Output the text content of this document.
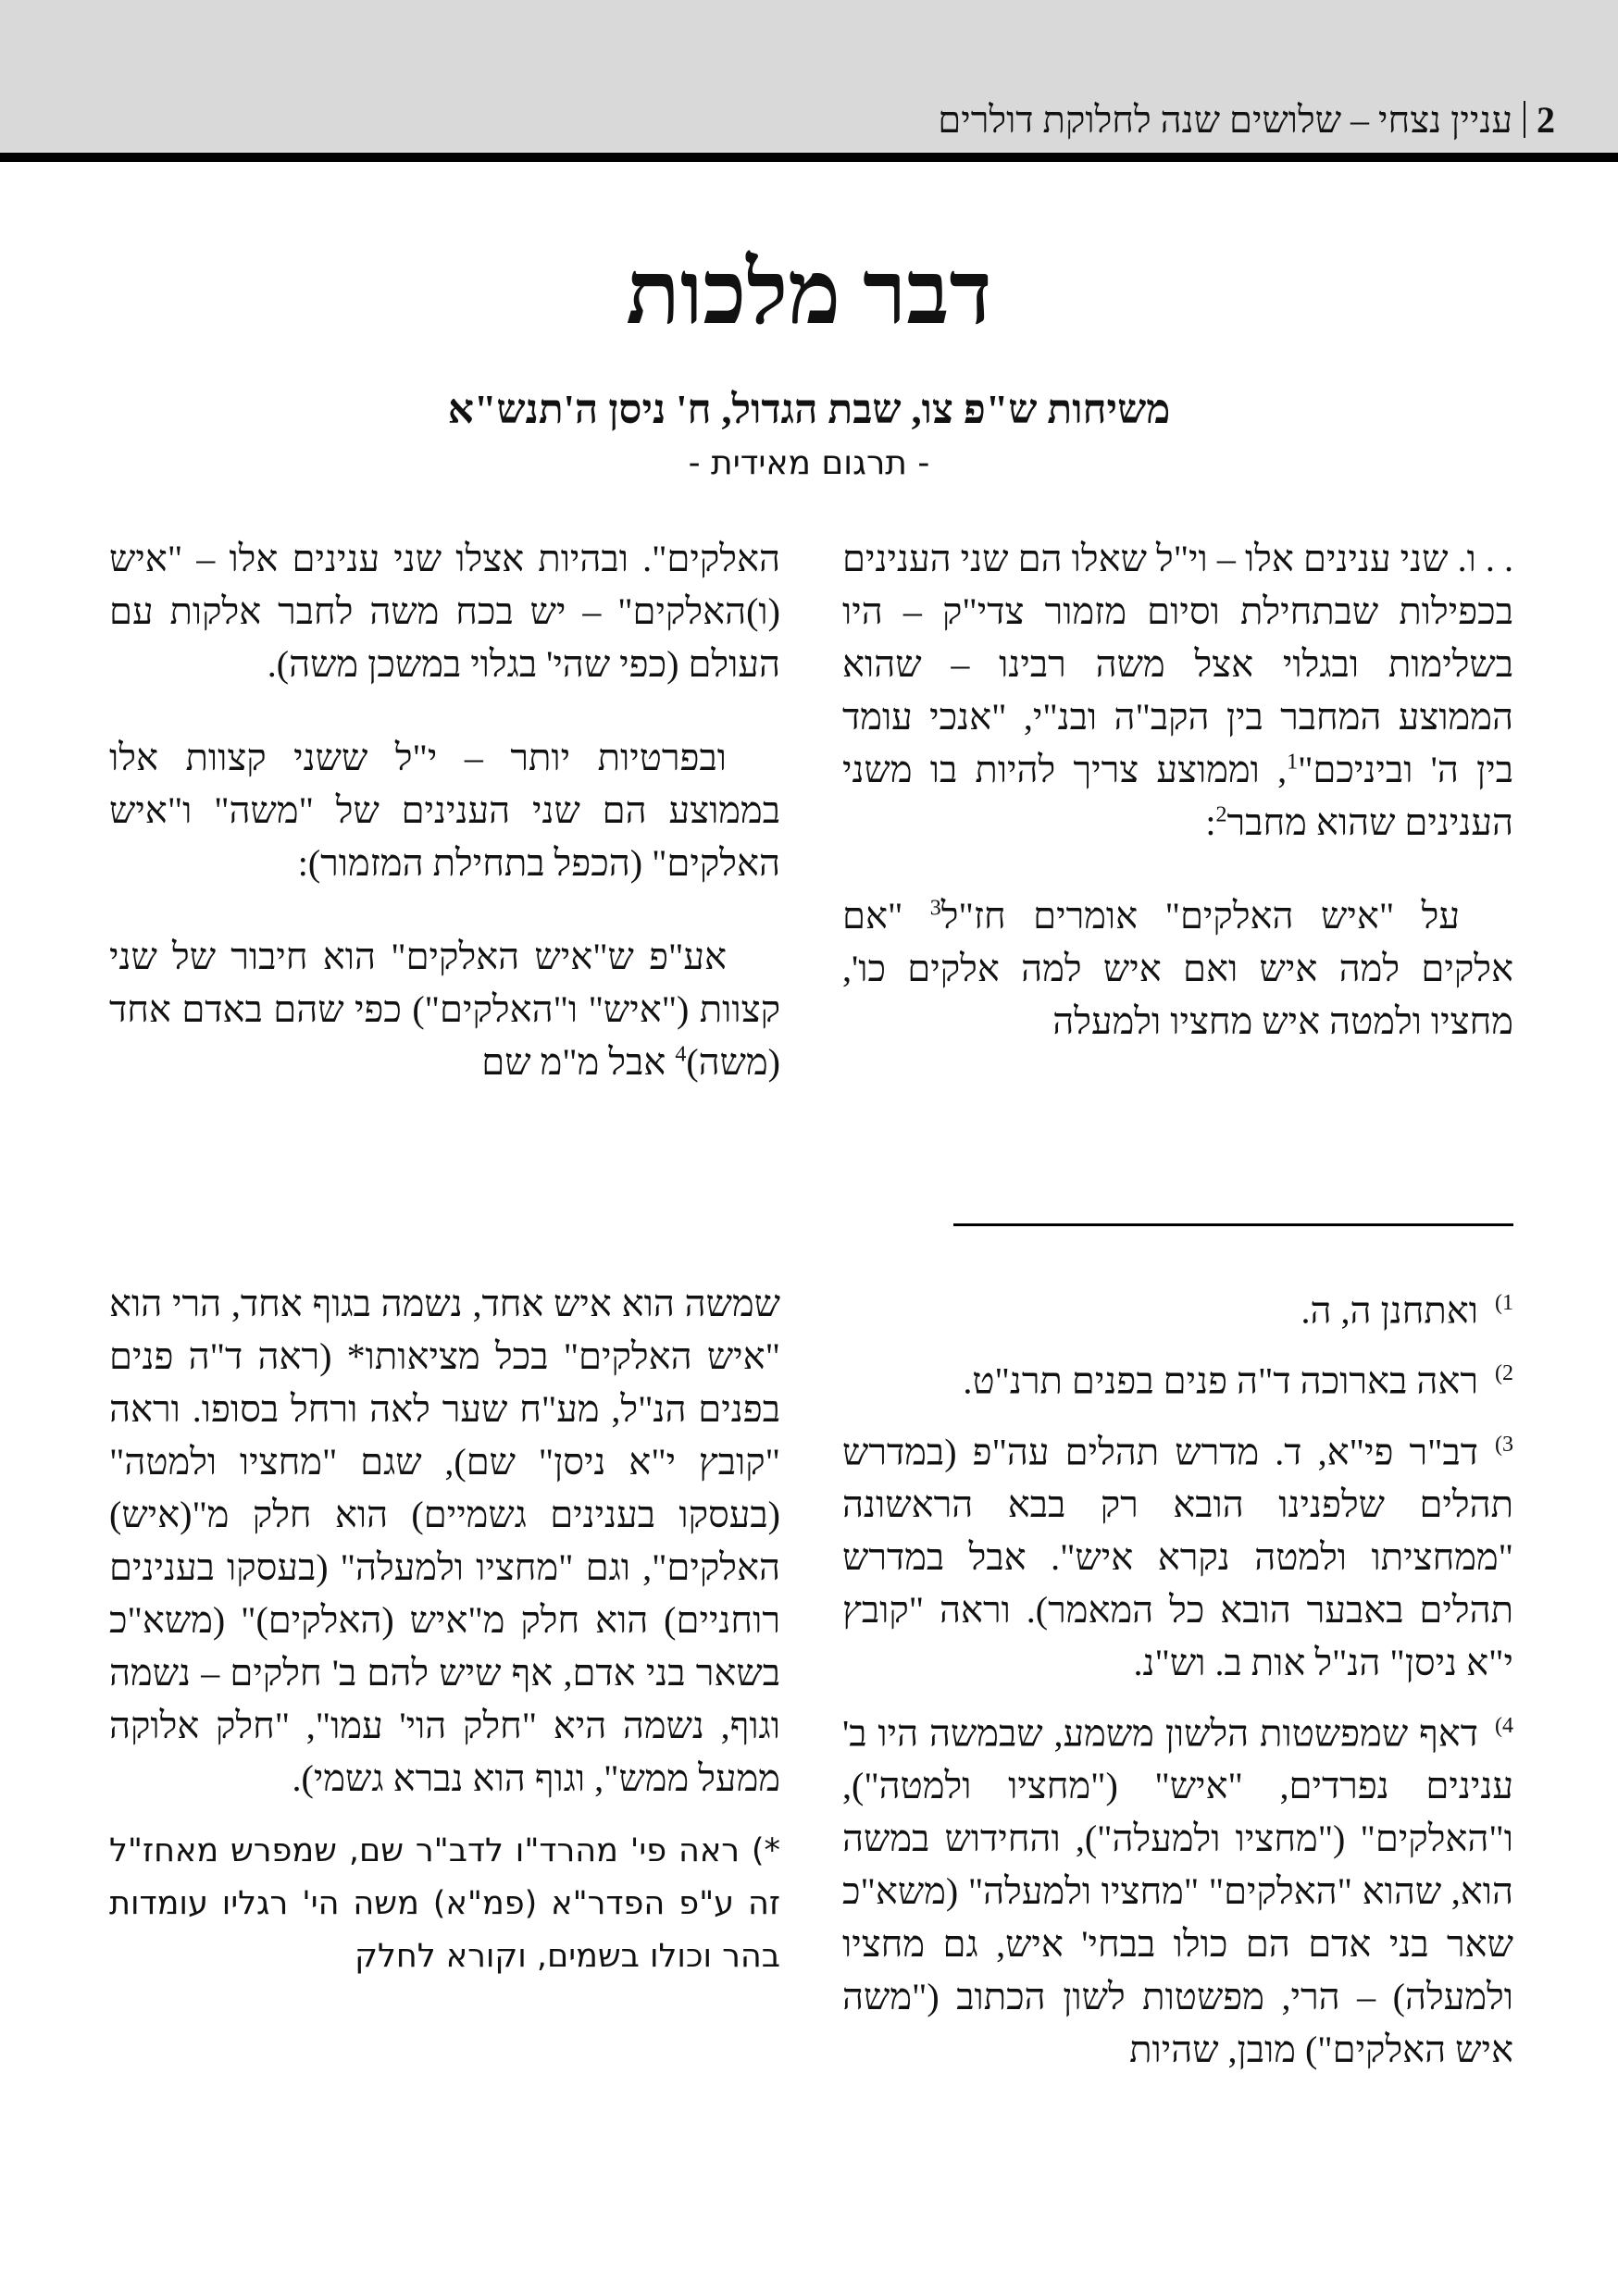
2עניין נצחי – שלושים שנה לחלוקת דולרים
דבר מלכות
משיחות ש"פ צו, שבת הגדול, ח' ניסן ה'תנש"א
- תרגום מאידית -

. . ו. שני ענינים אלו – וי"ל שאלו הם שני הענינים בכפילות שבתחילת וסיום מזמור צדי"ק – היו בשלימות ובגלוי אצל משה רבינו – שהוא הממוצע המחבר בין הקב"ה ובנ"י, "אנכי עומד בין ה' וביניכם"$^1$, וממוצע צריך להיות בו משני הענינים שהוא מחבר$^2$:

על "איש האלקים" אומרים חז"ל$^3$ "אם אלקים למה איש ואם איש למה אלקים כו', מחציו ולמטה איש מחציו ולמעלה

האלקים". ובהיות אצלו שני ענינים אלו – "איש (ו)האלקים" – יש בכח משה לחבר אלקות עם העולם (כפי שהי' בגלוי במשכן משה).

ובפרטיות יותר – י"ל ששני קצוות אלו בממוצע הם שני הענינים של "משה" ו"איש האלקים" (הכפל בתחילת המזמור):

אע"פ ש"איש האלקים" הוא חיבור של שני קצוות ("איש" ו"האלקים") כפי שהם באדם אחד (משה)$^4$ אבל מ"מ שם

$^{1)}$ואתחנן ה, ה.

$^{2)}$ראה בארוכה ד"ה פנים בפנים תרנ"ט.

$^{3)}$דב"ר פי"א, ד. מדרש תהלים עה"פ (במדרש תהלים שלפנינו הובא רק בבא הראשונה "ממחציתו ולמטה נקרא איש". אבל במדרש תהלים באבער הובא כל המאמר). וראה "קובץ י"א ניסן" הנ"ל אות ב. וש"נ.

$^{4)}$דאף שמפשטות הלשון משמע, שבמשה היו ב' ענינים נפרדים, "איש" ("מחציו ולמטה"), ו"האלקים" ("מחציו ולמעלה"), והחידוש במשה הוא, שהוא "האלקים" "מחציו ולמעלה" (משא"כ שאר בני אדם הם כולו בבחי' איש, גם מחציו ולמעלה) – הרי, מפשטות לשון הכתוב ("משה איש האלקים") מובן, שהיות

שמשה הוא איש אחד, נשמה בגוף אחד, הרי הוא "איש האלקים" בכל מציאותו* (ראה ד"ה פנים בפנים הנ"ל, מע"ח שער לאה ורחל בסופו. וראה "קובץ י"א ניסן" שם), שגם "מחציו ולמטה" (בעסקו בענינים גשמיים) הוא חלק מ"(איש) האלקים", וגם "מחציו ולמעלה" (בעסקו בענינים רוחניים) הוא חלק מ"איש (האלקים)" (משא"כ בשאר בני אדם, אף שיש להם ב' חלקים – נשמה וגוף, נשמה היא "חלק הוי' עמו", "חלק אלוקה ממעל ממש", וגוף הוא נברא גשמי).

*) ראה פי' מהרד"ו לדב"ר שם, שמפרש מאחז"ל זה ע"פ הפדר"א (פמ"א) משה הי' רגליו עומדות בהר וכולו בשמים, וקורא לחלק
